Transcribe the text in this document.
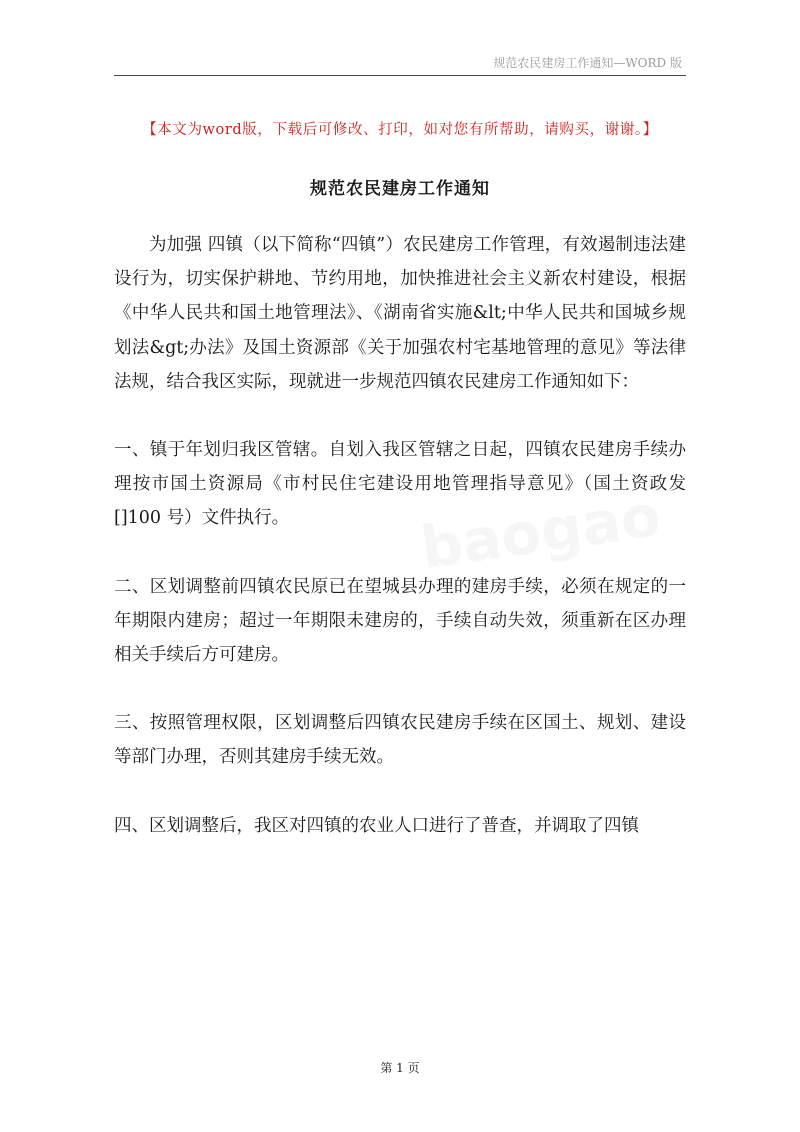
规范农民建房工作通知—WORD 版
baogao
【本文为word版，下载后可修改、打印，如对您有所帮助，请购买，谢谢。】
规范农民建房工作通知

为加强 四镇（以下简称“四镇”）农民建房工作管理，有效遏制违法建设行为，切实保护耕地、节约用地，加快推进社会主义新农村建设，根据《中华人民共和国土地管理法》、《湖南省实施&lt;中华人民共和国城乡规划法&gt;办法》及国土资源部《关于加强农村宅基地管理的意见》等法律法规，结合我区实际，现就进一步规范四镇农民建房工作通知如下：

一、镇于年划归我区管辖。自划入我区管辖之日起，四镇农民建房手续办理按市国土资源局《市村民住宅建设用地管理指导意见》（国土资政发[]100 号）文件执行。

二、区划调整前四镇农民原已在望城县办理的建房手续，必须在规定的一年期限内建房；超过一年期限未建房的，手续自动失效，须重新在区办理相关手续后方可建房。

三、按照管理权限，区划调整后四镇农民建房手续在区国土、规划、建设等部门办理，否则其建房手续无效。

四、区划调整后，我区对四镇的农业人口进行了普查，并调取了四镇

第 1 页
